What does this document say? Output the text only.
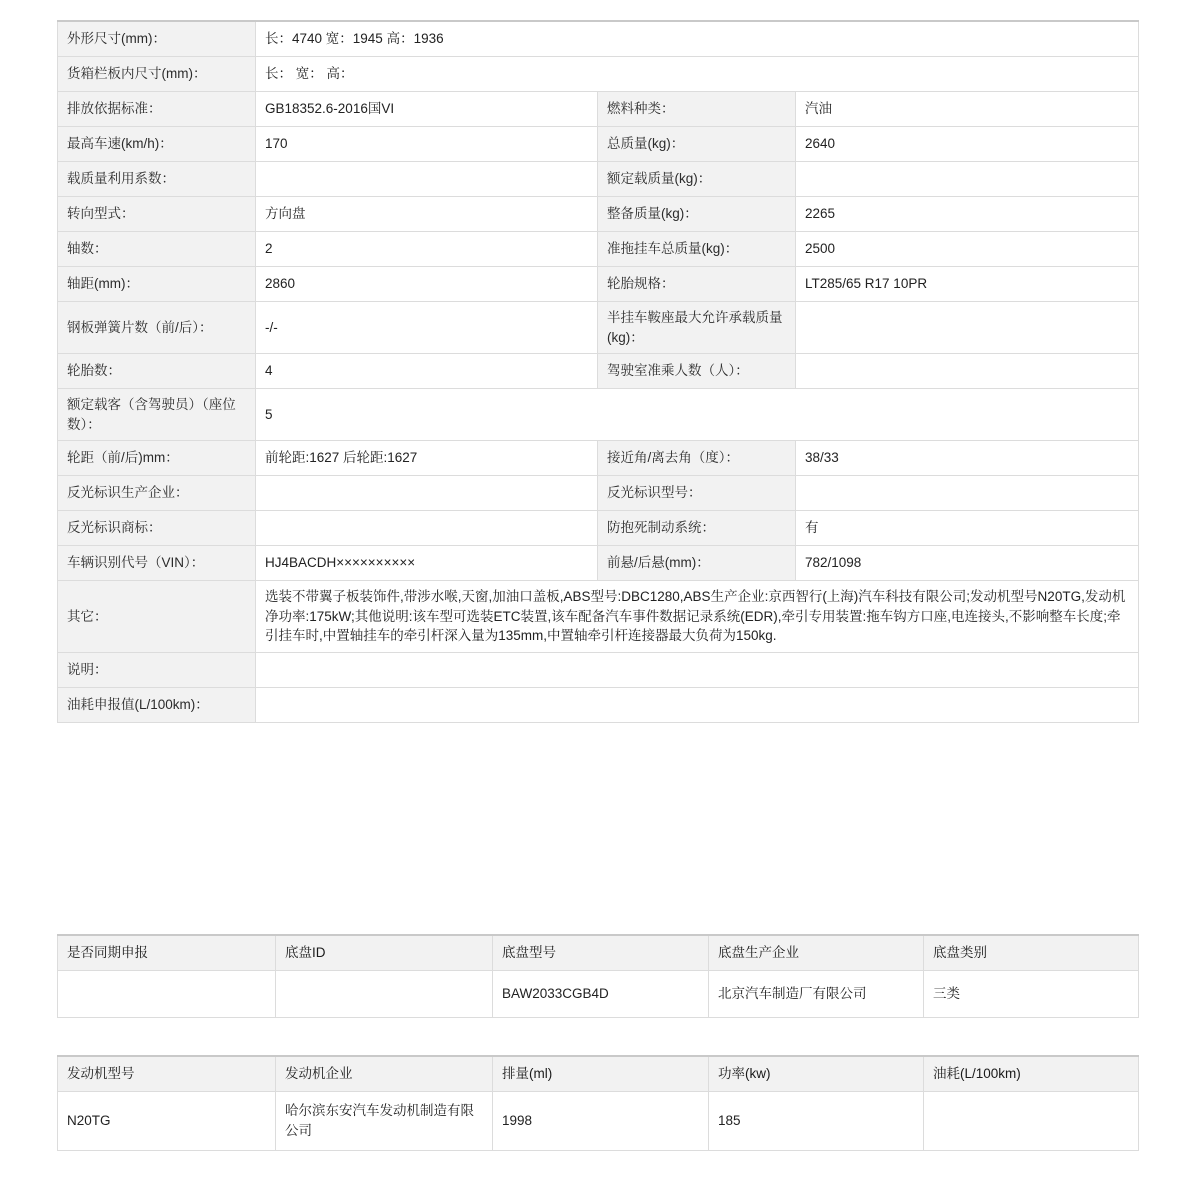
外形尺寸(mm)：	长：4740 宽：1945 高：1936		
货箱栏板内尺寸(mm)：	长： 宽： 高：		
排放依据标准：	GB18352.6-2016国VI	燃料种类：	汽油
最高车速(km/h)：	170	总质量(kg)：	2640
载质量利用系数：		额定载质量(kg)：	
转向型式：	方向盘	整备质量(kg)：	2265
轴数：	2	准拖挂车总质量(kg)：	2500
轴距(mm)：	2860	轮胎规格：	LT285/65 R17 10PR
钢板弹簧片数（前/后）：	-/-	半挂车鞍座最大允许承载质量(kg)：	
轮胎数：	4	驾驶室准乘人数（人）：	
额定载客（含驾驶员）（座位数）：	5		
轮距（前/后)mm：	前轮距:1627 后轮距:1627	接近角/离去角（度）：	38/33
反光标识生产企业：		反光标识型号：	
反光标识商标：		防抱死制动系统：	有
车辆识别代号（VIN）：	HJ4BACDH××××××××××	前悬/后悬(mm)：	782/1098
其它：	选装不带翼子板装饰件,带涉水喉,天窗,加油口盖板,ABS型号:DBC1280,ABS生产企业:京西智行(上海)汽车科技有限公司;发动机型号N20TG,发动机净功率:175kW;其他说明:该车型可选装ETC装置,该车配备汽车事件数据记录系统(EDR),牵引专用装置:拖车钩方口座,电连接头,不影响整车长度;牵引挂车时,中置轴挂车的牵引杆深入量为135mm,中置轴牵引杆连接器最大负荷为150kg.		
说明：			
油耗申报值(L/100km)：			
是否同期申报	底盘ID	底盘型号	底盘生产企业	底盘类别
		BAW2033CGB4D	北京汽车制造厂有限公司	三类
发动机型号	发动机企业	排量(ml)	功率(kw)	油耗(L/100km)
N20TG	哈尔滨东安汽车发动机制造有限公司	1998	185	
